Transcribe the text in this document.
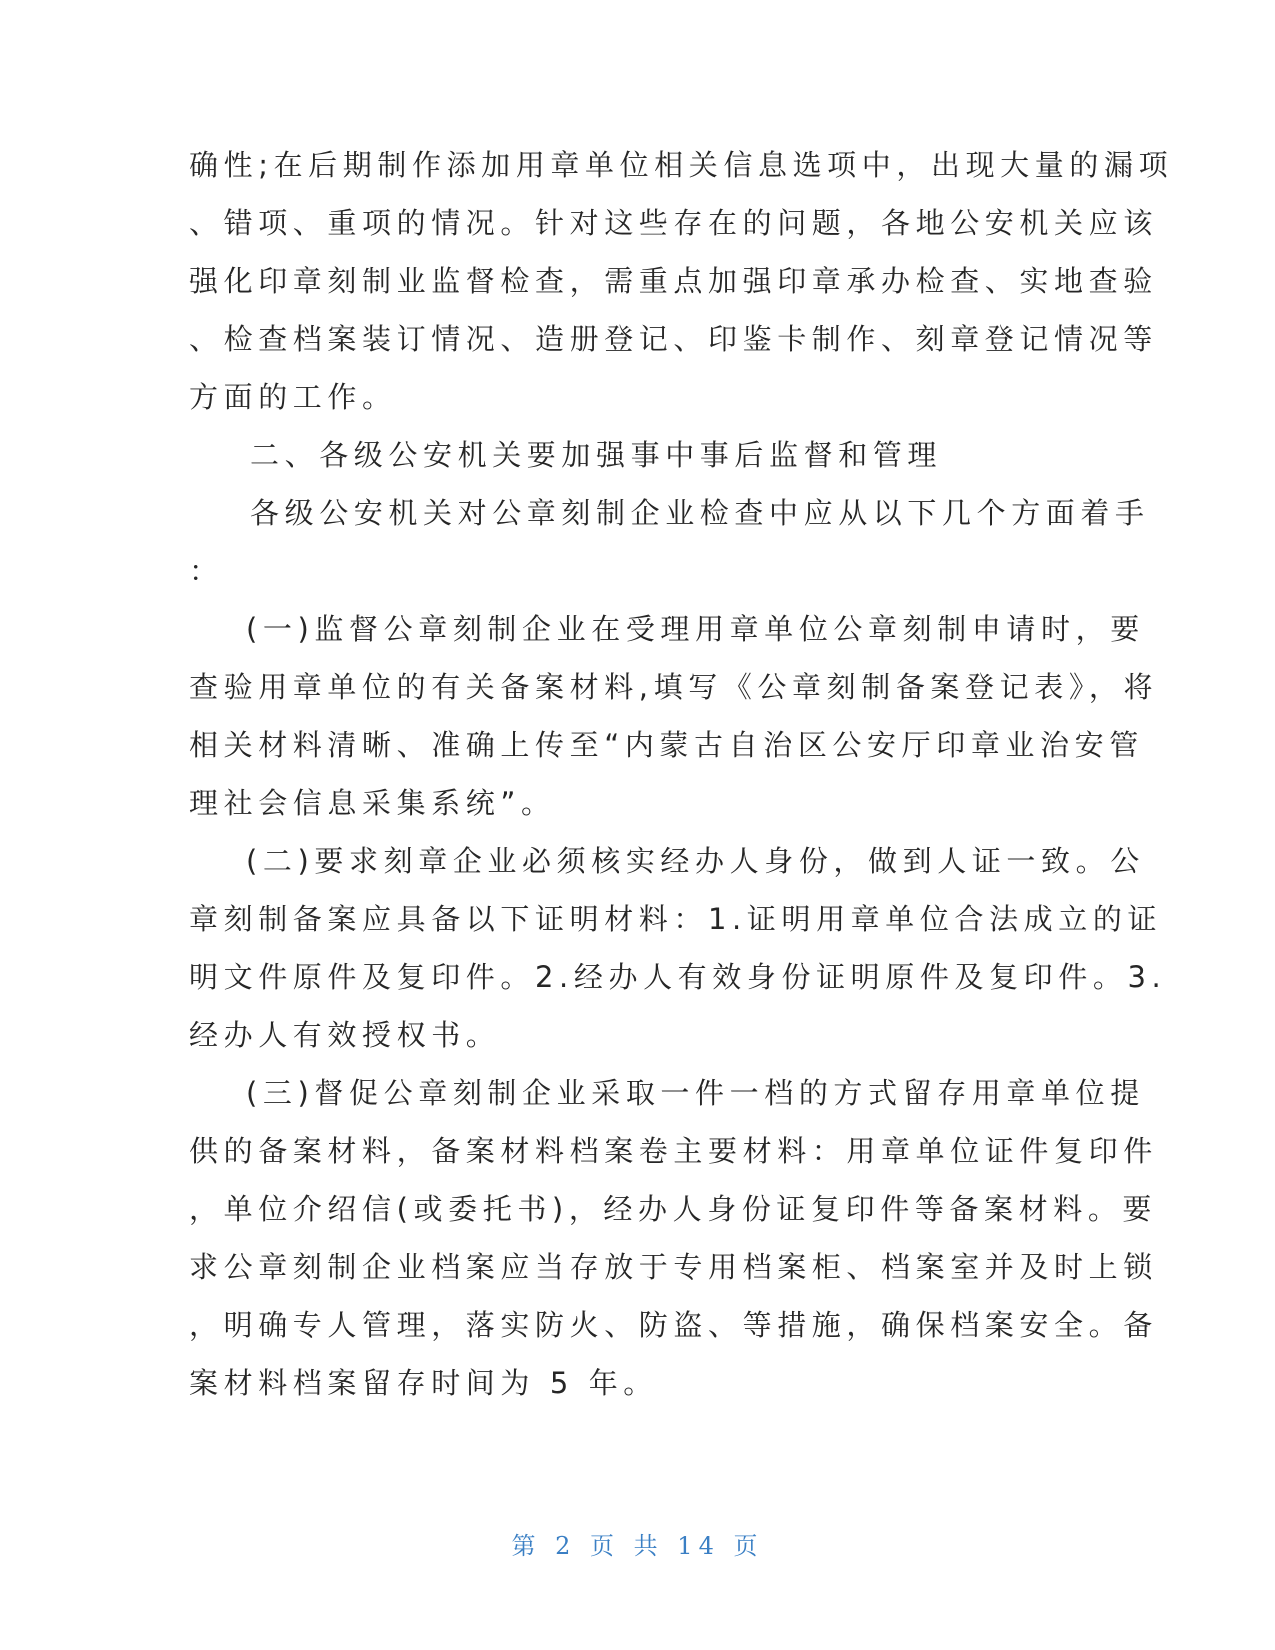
确性;在后期制作添加用章单位相关信息选项中，出现大量的漏项
、错项、重项的情况。针对这些存在的问题，各地公安机关应该
强化印章刻制业监督检查，需重点加强印章承办检查、实地查验
、检查档案装订情况、造册登记、印鉴卡制作、刻章登记情况等
方面的工作。
二、各级公安机关要加强事中事后监督和管理
各级公安机关对公章刻制企业检查中应从以下几个方面着手
：
(一)监督公章刻制企业在受理用章单位公章刻制申请时，要
查验用章单位的有关备案材料,填写《公章刻制备案登记表》，将
相关材料清晰、准确上传至“内蒙古自治区公安厅印章业治安管
理社会信息采集系统”。
(二)要求刻章企业必须核实经办人身份，做到人证一致。公
章刻制备案应具备以下证明材料：1.证明用章单位合法成立的证
明文件原件及复印件。2.经办人有效身份证明原件及复印件。3.
经办人有效授权书。
(三)督促公章刻制企业采取一件一档的方式留存用章单位提
供的备案材料，备案材料档案卷主要材料：用章单位证件复印件
，单位介绍信(或委托书)，经办人身份证复印件等备案材料。要
求公章刻制企业档案应当存放于专用档案柜、档案室并及时上锁
，明确专人管理，落实防火、防盗、等措施，确保档案安全。备
案材料档案留存时间为 5 年。
第 2 页 共 14 页
